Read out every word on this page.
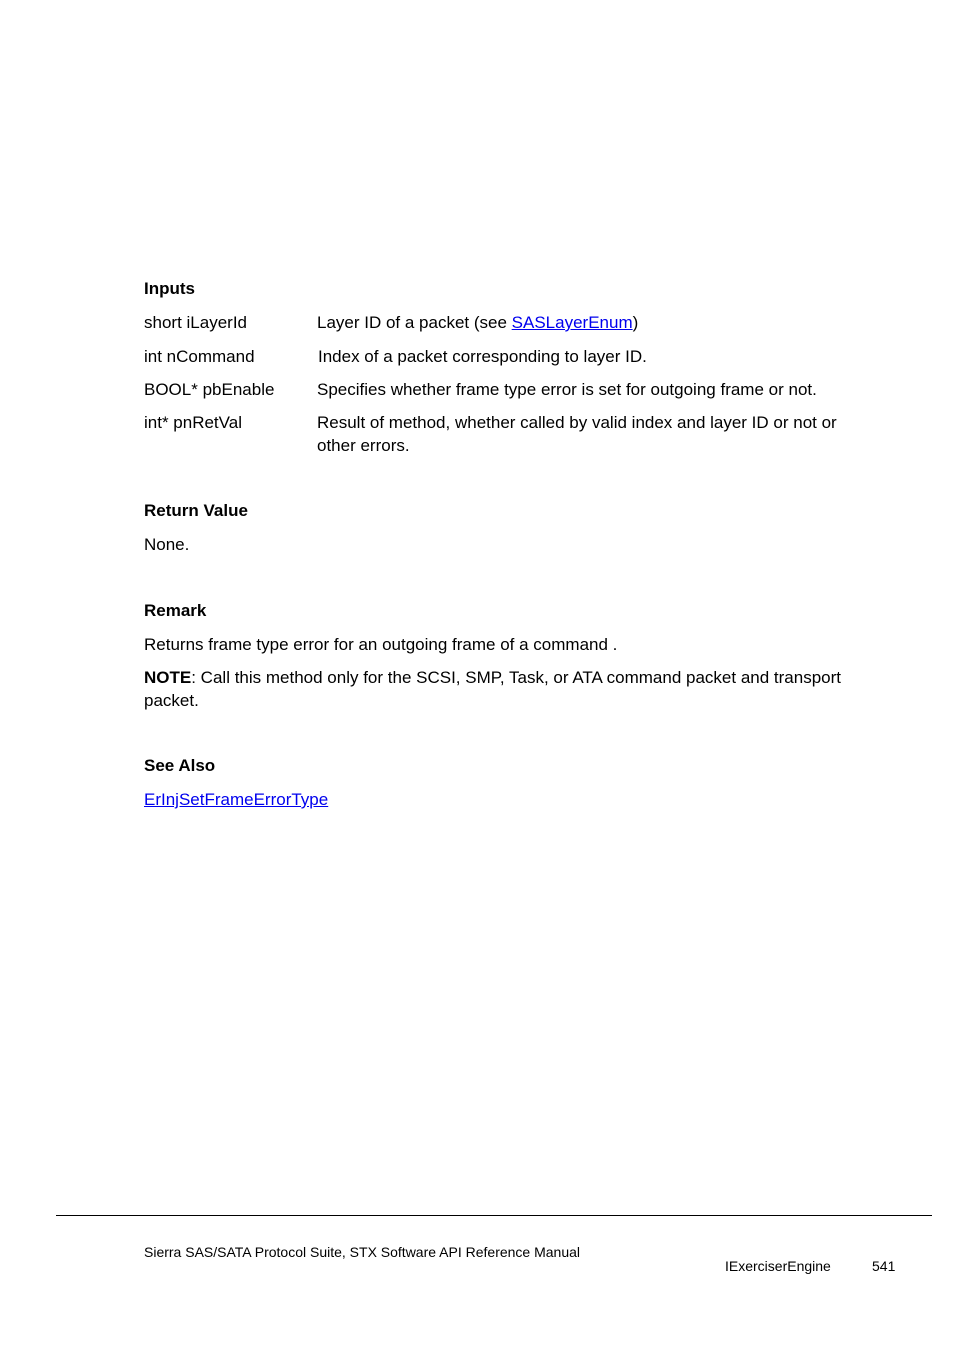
Inputs
short iLayerId	Layer ID of a packet (see SASLayerEnum)
int nCommand	Index of a packet corresponding to layer ID.
BOOL* pbEnable	Specifies whether frame type error is set for outgoing frame or not.
int* pnRetVal	Result of method, whether called by valid index and layer ID or not or other errors.
Return Value

None.

Remark

Returns frame type error for an outgoing frame of a command .

NOTE: Call this method only for the SCSI, SMP, Task, or ATA command packet and transport packet.

See Also

ErInjSetFrameErrorType

Sierra SAS/SATA Protocol Suite, STX Software API Reference Manual
IExerciserEngine	541
